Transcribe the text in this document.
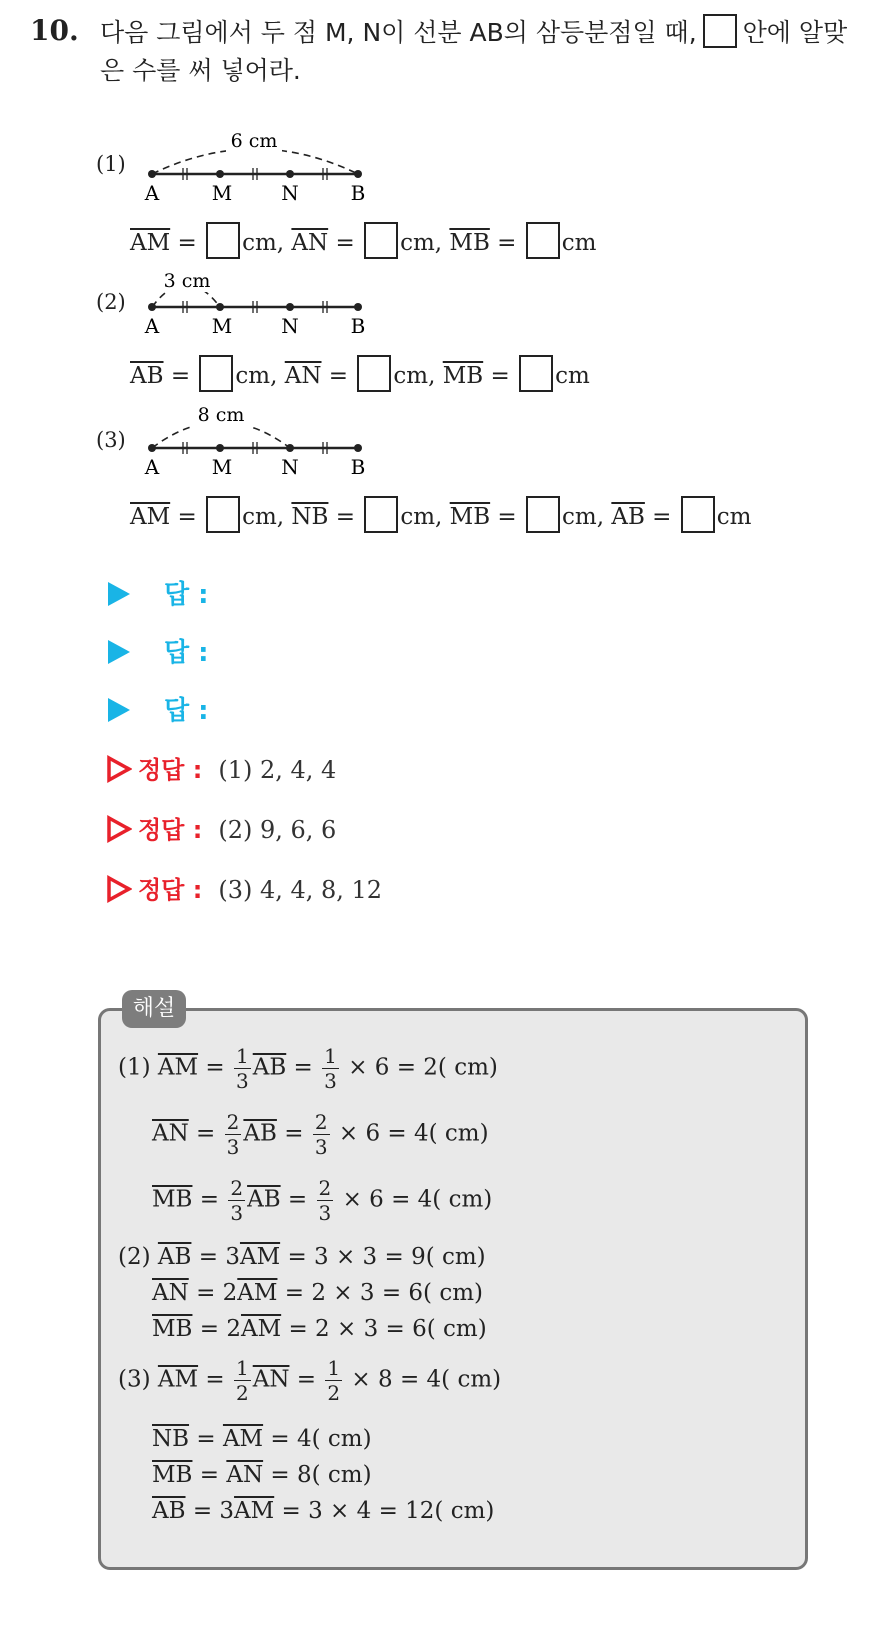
10. 다음 그림에서 두 점 M, N이 선분 AB의 삼등분점일 때, 안에 알맞은 수를 써 넣어라.
(1)
6 cm
A	M N	B
$\overline{AM}$ = cm, $\overline{AN}$ = cm, $\overline{MB}$ = cm
(2)
3 cm
A	M N	B
$\overline{AB}$ = cm, $\overline{AN}$ = cm, $\overline{MB}$ = cm
(3)
8 cm
A	M N	B
$\overline{AM}$ = cm, $\overline{NB}$ = cm, $\overline{MB}$ = cm, $\overline{AB}$ = cm
답 :
답 :
답 :
정답 : (1) 2, 4, 4
정답 : (2) 9, 6, 6
정답 : (3) 4, 4, 8, 12
해설
(1) $\overline{AM} = \frac{1}{3} \overline{AB} = \frac{1}{3} \times 6 = 2$( cm)
$\overline{AN} = \frac{2}{3} \overline{AB} = \frac{2}{3} \times 6 = 4$( cm)
$\overline{MB} = \frac{2}{3} \overline{AB} = \frac{2}{3} \times 6 = 4$( cm)
(2) $\overline{AB} = 3\overline{AM} = 3 \times 3 = 9$( cm)
$\overline{AN} = 2\overline{AM} = 2 \times 3 = 6$( cm)
$\overline{MB} = 2\overline{AM} = 2 \times 3 = 6$( cm)
(3) $\overline{AM} = \frac{1}{2} \overline{AN} = \frac{1}{2} \times 8 = 4$( cm)
$\overline{NB} = \overline{AM} = 4$( cm)
$\overline{MB} = \overline{AN} = 8$( cm)
$\overline{AB} = 3\overline{AM} = 3 \times 4 = 12$( cm)
